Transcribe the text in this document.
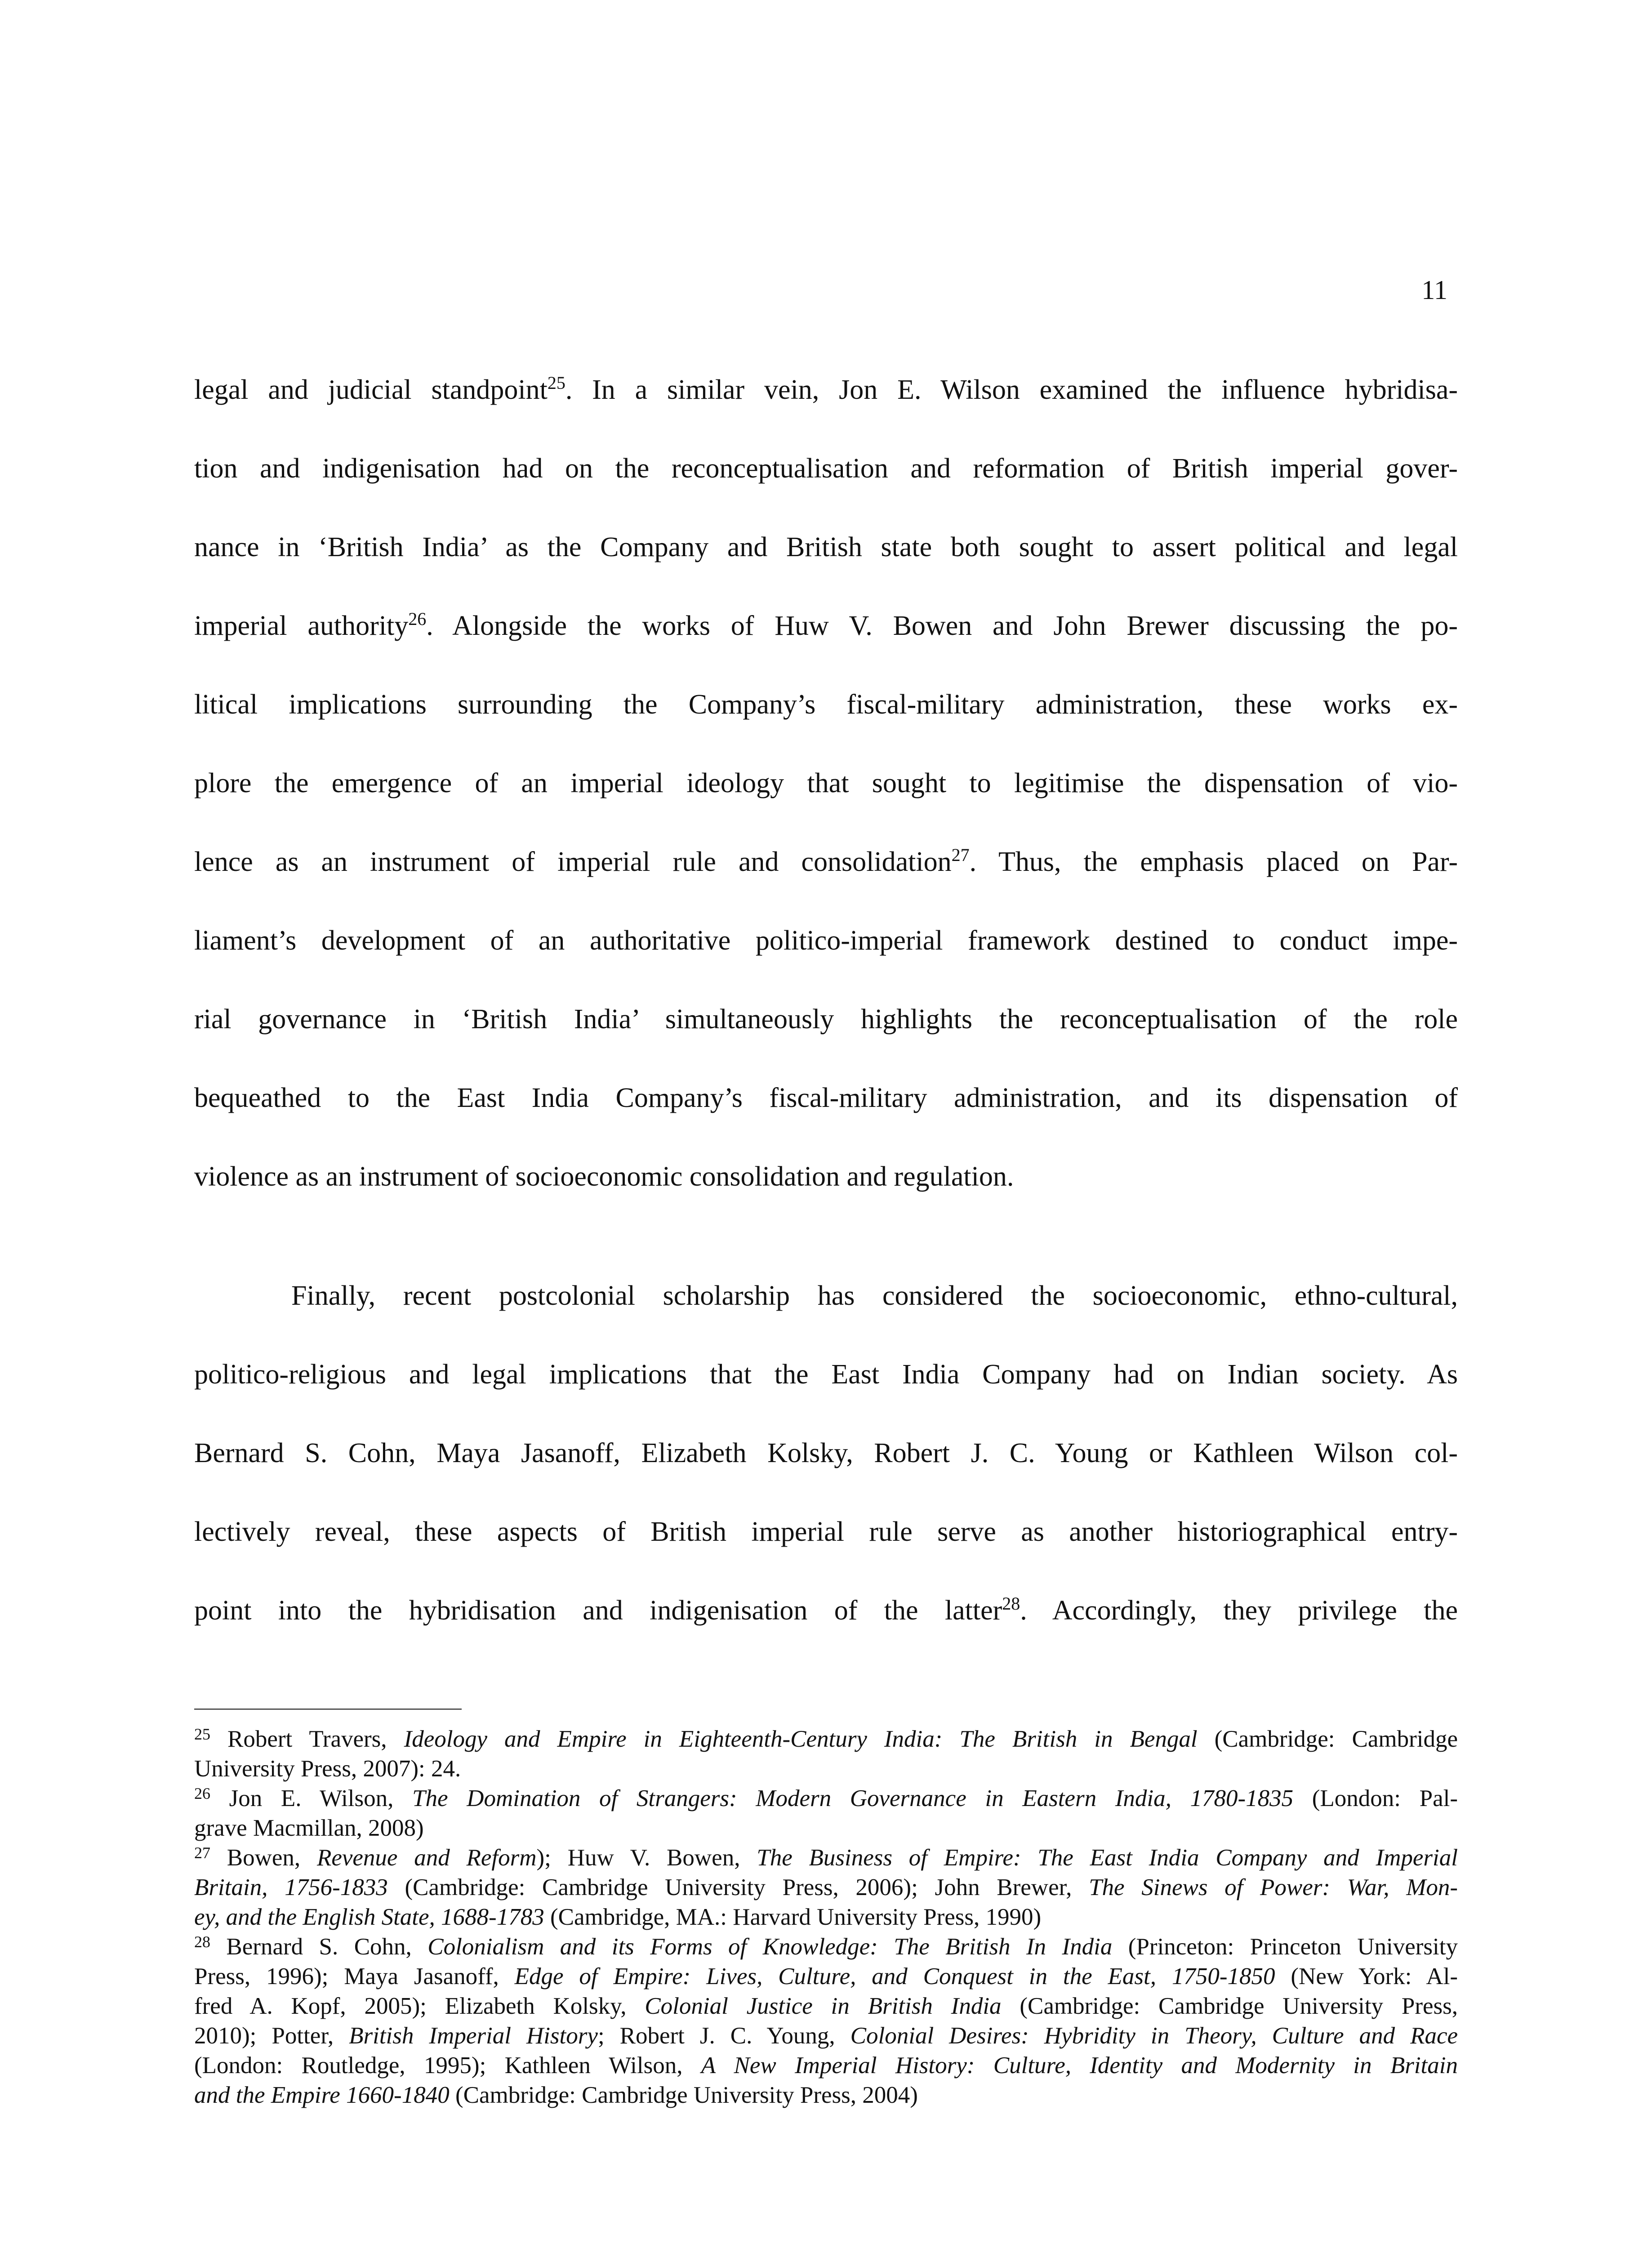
11
legal and judicial standpoint$^{25}$. In a similar vein, Jon E. Wilson examined the influence hybridisa-
tion and indigenisation had on the reconceptualisation and reformation of British imperial gover-
nance in ‘British India’ as the Company and British state both sought to assert political and legal
imperial authority$^{26}$. Alongside the works of Huw V. Bowen and John Brewer discussing the po-
litical implications surrounding the Company’s fiscal-military administration, these works ex-
plore the emergence of an imperial ideology that sought to legitimise the dispensation of vio-
lence as an instrument of imperial rule and consolidation$^{27}$. Thus, the emphasis placed on Par-
liament’s development of an authoritative politico-imperial framework destined to conduct impe-
rial governance in ‘British India’ simultaneously highlights the reconceptualisation of the role
bequeathed to the East India Company’s fiscal-military administration, and its dispensation of
violence as an instrument of socioeconomic consolidation and regulation.
Finally, recent postcolonial scholarship has considered the socioeconomic, ethno-cultural,
politico-religious and legal implications that the East India Company had on Indian society. As
Bernard S. Cohn, Maya Jasanoff, Elizabeth Kolsky, Robert J. C. Young or Kathleen Wilson col-
lectively reveal, these aspects of British imperial rule serve as another historiographical entry-
point into the hybridisation and indigenisation of the latter$^{28}$. Accordingly, they privilege the
$^{25}$ Robert Travers, Ideology and Empire in Eighteenth-Century India: The British in Bengal (Cambridge: Cambridge
University Press, 2007): 24.
$^{26}$ Jon E. Wilson, The Domination of Strangers: Modern Governance in Eastern India, 1780-1835 (London: Pal-
grave Macmillan, 2008)
$^{27}$ Bowen, Revenue and Reform); Huw V. Bowen, The Business of Empire: The East India Company and Imperial
Britain, 1756-1833 (Cambridge: Cambridge University Press, 2006); John Brewer, The Sinews of Power: War, Mon-
ey, and the English State, 1688-1783 (Cambridge, MA.: Harvard University Press, 1990)
$^{28}$ Bernard S. Cohn, Colonialism and its Forms of Knowledge: The British In India (Princeton: Princeton University
Press, 1996); Maya Jasanoff, Edge of Empire: Lives, Culture, and Conquest in the East, 1750-1850 (New York: Al-
fred A. Kopf, 2005); Elizabeth Kolsky, Colonial Justice in British India (Cambridge: Cambridge University Press,
2010); Potter, British Imperial History; Robert J. C. Young, Colonial Desires: Hybridity in Theory, Culture and Race
(London: Routledge, 1995); Kathleen Wilson, A New Imperial History: Culture, Identity and Modernity in Britain
and the Empire 1660-1840 (Cambridge: Cambridge University Press, 2004)
